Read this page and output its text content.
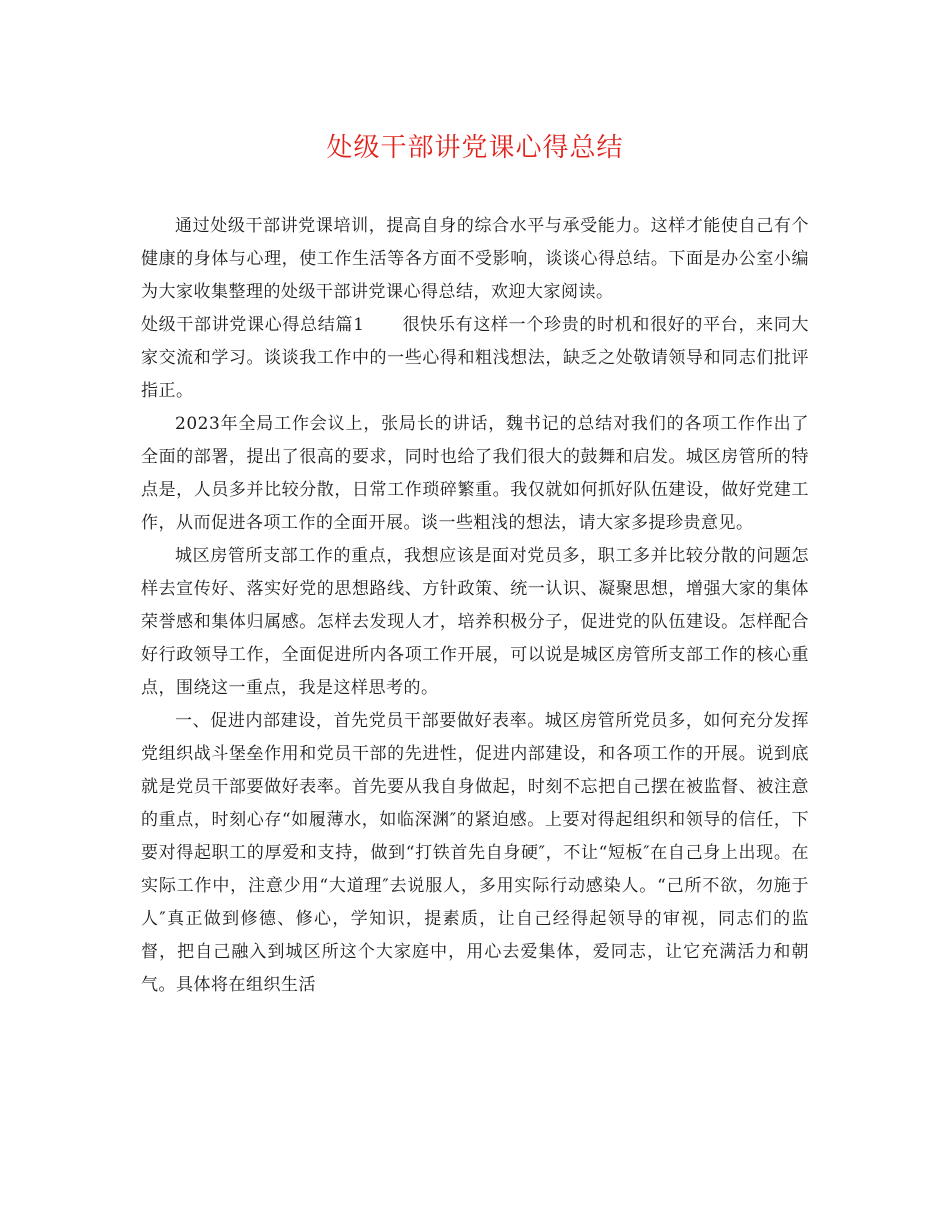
处级干部讲党课心得总结

通过处级干部讲党课培训，提高自身的综合水平与承受能力。这样才能使自己有个健康的身体与心理，使工作生活等各方面不受影响，谈谈心得总结。下面是办公室小编为大家收集整理的处级干部讲党课心得总结，欢迎大家阅读。

处级干部讲党课心得总结篇1 很快乐有这样一个珍贵的时机和很好的平台，来同大家交流和学习。谈谈我工作中的一些心得和粗浅想法，缺乏之处敬请领导和同志们批评指正。

2023年全局工作会议上，张局长的讲话，魏书记的总结对我们的各项工作作出了全面的部署，提出了很高的要求，同时也给了我们很大的鼓舞和启发。城区房管所的特点是，人员多并比较分散，日常工作琐碎繁重。我仅就如何抓好队伍建设，做好党建工作，从而促进各项工作的全面开展。谈一些粗浅的想法，请大家多提珍贵意见。

城区房管所支部工作的重点，我想应该是面对党员多，职工多并比较分散的问题怎样去宣传好、落实好党的思想路线、方针政策、统一认识、凝聚思想，增强大家的集体荣誉感和集体归属感。怎样去发现人才，培养积极分子，促进党的队伍建设。怎样配合好行政领导工作，全面促进所内各项工作开展，可以说是城区房管所支部工作的核心重点，围绕这一重点，我是这样思考的。

一、促进内部建设，首先党员干部要做好表率。城区房管所党员多，如何充分发挥党组织战斗堡垒作用和党员干部的先进性，促进内部建设，和各项工作的开展。说到底就是党员干部要做好表率。首先要从我自身做起，时刻不忘把自己摆在被监督、被注意的重点，时刻心存“如履薄水，如临深渊″的紧迫感。上要对得起组织和领导的信任，下要对得起职工的厚爱和支持，做到“打铁首先自身硬″，不让“短板″在自己身上出现。在实际工作中，注意少用“大道理″去说服人，多用实际行动感染人。“己所不欲，勿施于人″真正做到修德、修心，学知识，提素质，让自己经得起领导的审视，同志们的监督，把自己融入到城区所这个大家庭中，用心去爱集体，爱同志，让它充满活力和朝气。具体将在组织生活
